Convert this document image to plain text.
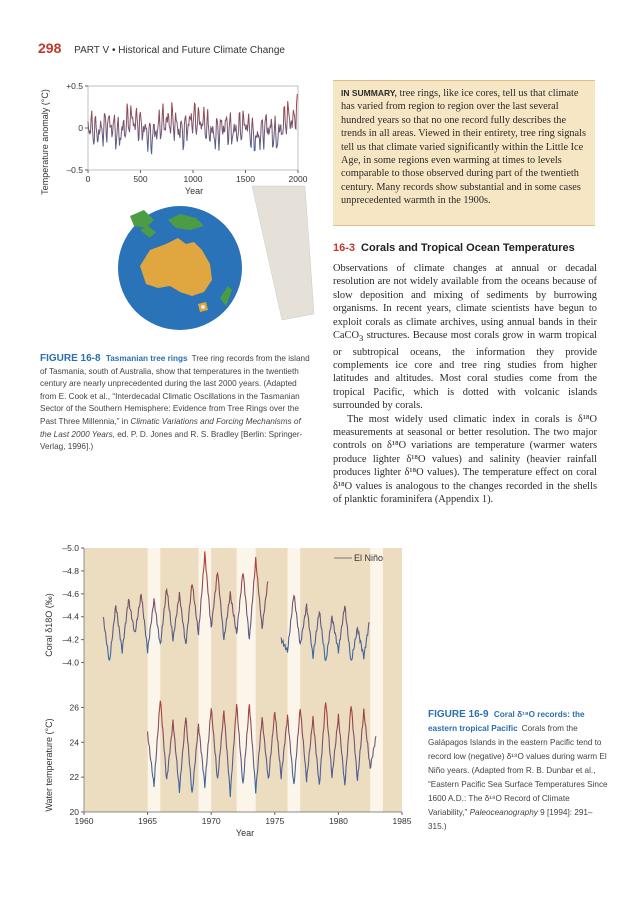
298 PART V • Historical and Future Climate Change
Temperature anomaly (°C)	0	500	1000	1500	2000
+0.5
0
–0.5
Year
FIGURE 16-8 Tasmanian tree rings Tree ring records from the island of Tasmania, south of Australia, show that temperatures in the twentieth century are nearly unprecedented during the last 2000 years. (Adapted from E. Cook et al., “Interdecadal Climatic Oscillations in the Tasmanian Sector of the Southern Hemisphere: Evidence from Tree Rings over the Past Three Millennia,” in Climatic Variations and Forcing Mechanisms of the Last 2000 Years, ed. P. D. Jones and R. S. Bradley [Berlin: Springer-Verlag, 1996].)
IN SUMMARY, tree rings, like ice cores, tell us that climate has varied from region to region over the last several hundred years so that no one record fully describes the trends in all areas. Viewed in their entirety, tree ring signals tell us that climate varied significantly within the Little Ice Age, in some regions even warming at times to levels comparable to those observed during part of the twentieth century. Many records show substantial and in some cases unprecedented warmth in the 1900s.
16-3 Corals and Tropical Ocean Temperatures

Observations of climate changes at annual or decadal resolution are not widely available from the oceans because of slow deposition and mixing of sediments by burrowing organisms. In recent years, climate scientists have begun to exploit corals as climate archives, using annual bands in their CaCO$_3$ structures. Because most corals grow in warm tropical or subtropical oceans, the information they provide complements ice core and tree ring studies from higher latitudes and altitudes. Most coral studies come from the tropical Pacific, which is dotted with volcanic islands surrounded by corals.

The most widely used climatic index in corals is δ¹⁸O measurements at seasonal or better resolution. The two major controls on δ¹⁸O variations are temperature (warmer waters produce lighter δ¹⁸O values) and salinity (heavier rainfall produces lighter δ¹⁸O values). The temperature effect on coral δ¹⁸O values is analogous to the changes recorded in the shells of planktic foraminifera (Appendix 1).

–5.0
–4.8
–4.6
–4.4
–4.2
–4.0
20
22
24
26
1960	1965	1970	1975	1980	1985
El Niño
Coral δ18O (‰)
Water temperature (°C)
Year
FIGURE 16-9 Coral δ¹⁸O records: the eastern tropical Pacific Corals from the Galápagos Islands in the eastern Pacific tend to record low (negative) δ¹⁸O values during warm El Niño years. (Adapted from R. B. Dunbar et al., “Eastern Pacific Sea Surface Temperatures Since 1600 A.D.: The δ¹⁸O Record of Climate Variability,” Paleoceanography 9 [1994]: 291–315.)
